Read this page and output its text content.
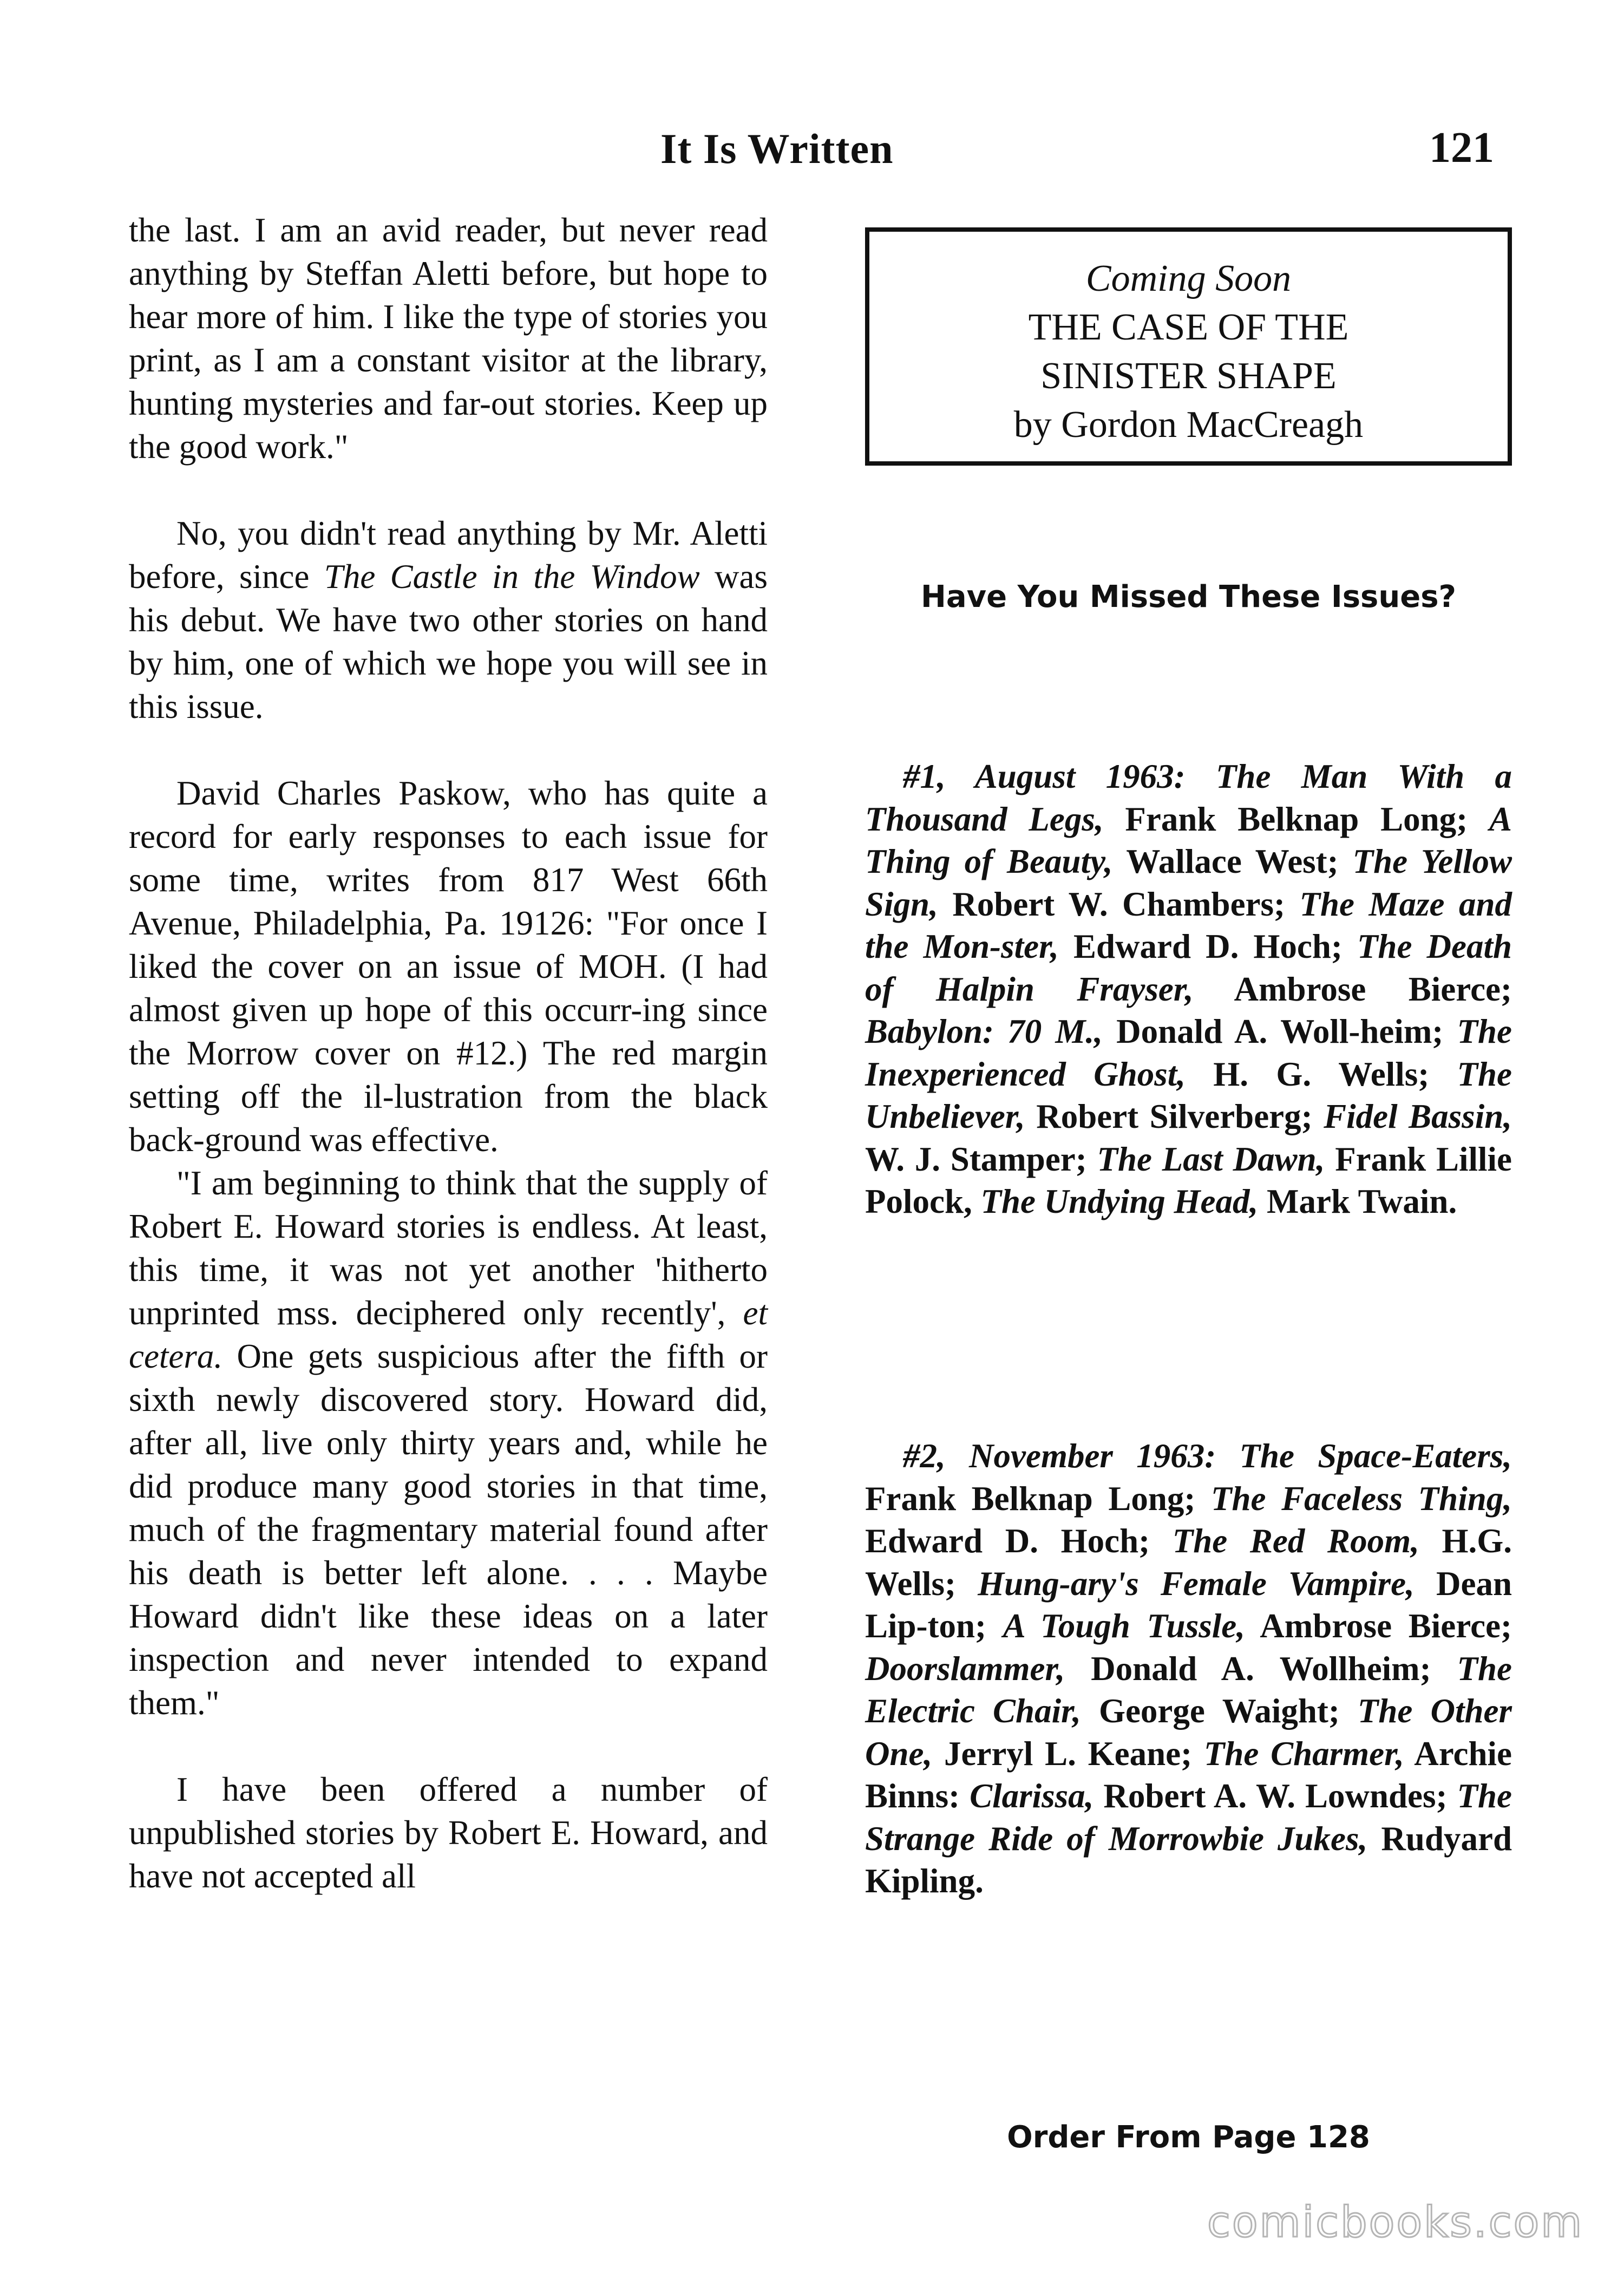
It Is Written	121

the last. I am an avid reader, but never read anything by Steffan Aletti before, but hope to hear more of him. I like the type of stories you print, as I am a constant visitor at the library, hunting mysteries and far-out stories. Keep up the good work."

No, you didn't read anything by Mr. Aletti before, since The Castle in the Window was his debut. We have two other stories on hand by him, one of which we hope you will see in this issue.

David Charles Paskow, who has quite a record for early responses to each issue for some time, writes from 817 West 66th Avenue, Philadelphia, Pa. 19126: "For once I liked the cover on an issue of MOH. (I had almost given up hope of this occurr-ing since the Morrow cover on #12.) The red margin setting off the il-lustration from the black back-ground was effective.

"I am beginning to think that the supply of Robert E. Howard stories is endless. At least, this time, it was not yet another 'hitherto unprinted mss. deciphered only recently', et cetera. One gets suspicious after the fifth or sixth newly discovered story. Howard did, after all, live only thirty years and, while he did produce many good stories in that time, much of the fragmentary material found after his death is better left alone. . . . Maybe Howard didn't like these ideas on a later inspection and never intended to expand them."

I have been offered a number of unpublished stories by Robert E. Howard, and have not accepted all

Coming Soon
THE CASE OF THE
SINISTER SHAPE
by Gordon MacCreagh
Have You Missed These Issues?
#1, August 1963: The Man With a Thousand Legs, Frank Belknap Long; A Thing of Beauty, Wallace West; The Yellow Sign, Robert W. Chambers; The Maze and the Mon-ster, Edward D. Hoch; The Death of Halpin Frayser, Ambrose Bierce; Babylon: 70 M., Donald A. Woll-heim; The Inexperienced Ghost, H. G. Wells; The Unbeliever, Robert Silverberg; Fidel Bassin, W. J. Stamper; The Last Dawn, Frank Lillie Polock, The Undying Head, Mark Twain.
#2, November 1963: The Space-Eaters, Frank Belknap Long; The Faceless Thing, Edward D. Hoch; The Red Room, H.G. Wells; Hung-ary's Female Vampire, Dean Lip-ton; A Tough Tussle, Ambrose Bierce; Doorslammer, Donald A. Wollheim; The Electric Chair, George Waight; The Other One, Jerryl L. Keane; The Charmer, Archie Binns: Clarissa, Robert A. W. Lowndes; The Strange Ride of Morrowbie Jukes, Rudyard Kipling.
Order From Page 128
comicbooks.com
